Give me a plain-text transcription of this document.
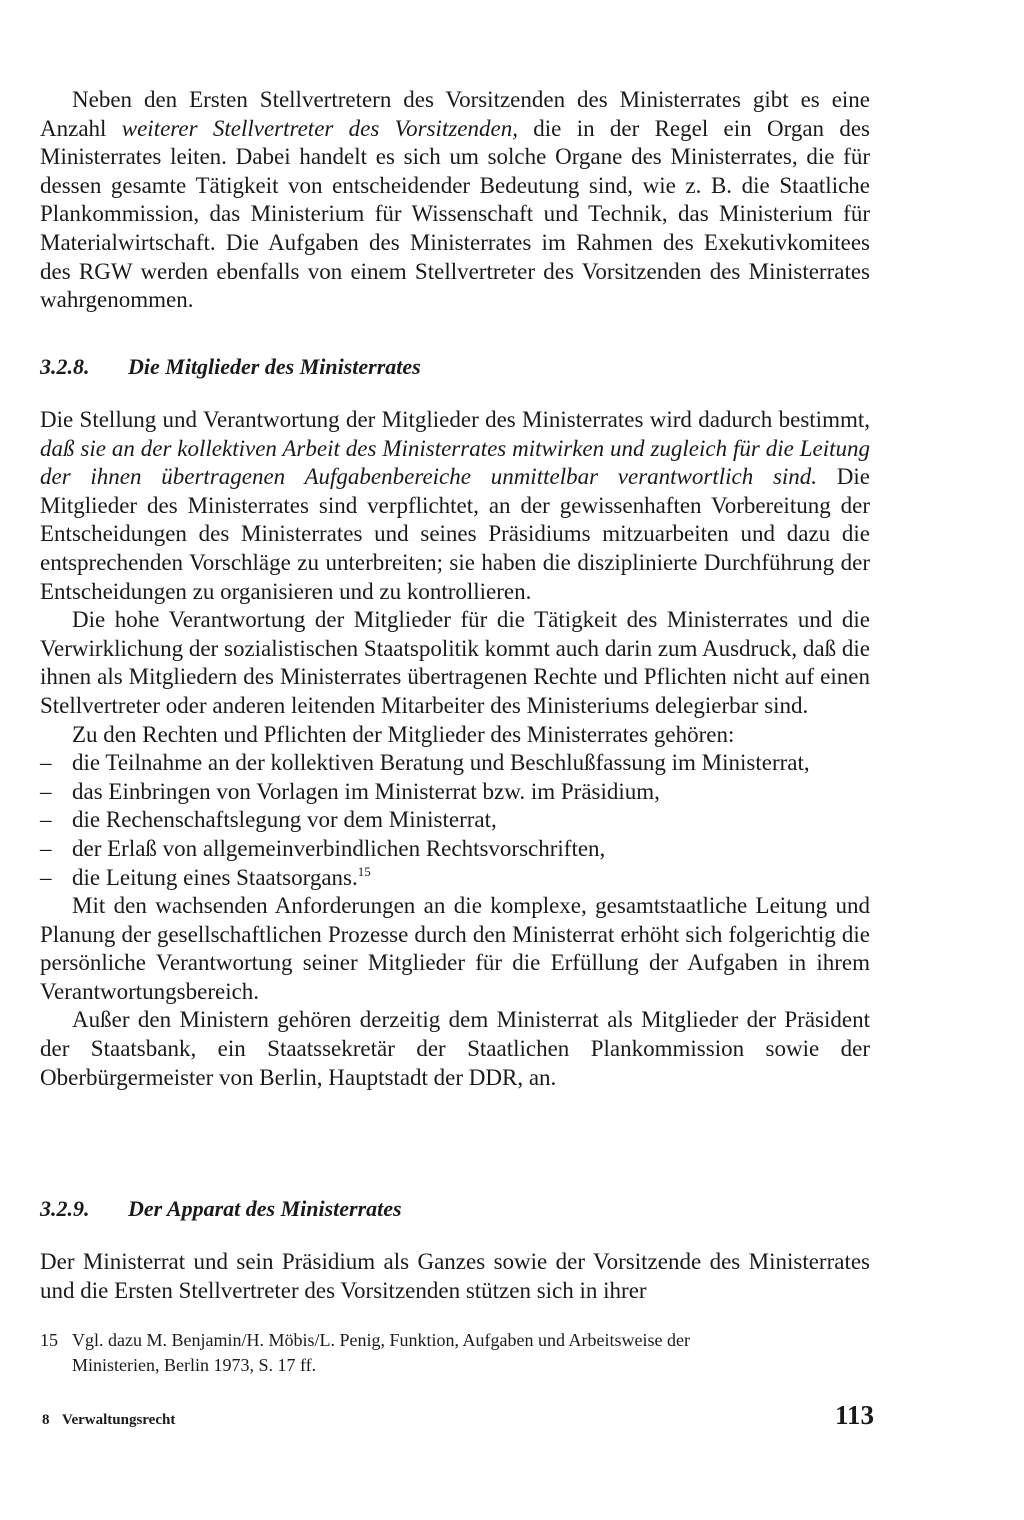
Neben den Ersten Stellvertretern des Vorsitzenden des Ministerrates gibt es eine Anzahl weiterer Stellvertreter des Vorsitzenden, die in der Regel ein Organ des Ministerrates leiten. Dabei handelt es sich um solche Organe des Ministerrates, die für dessen gesamte Tätigkeit von entscheidender Bedeutung sind, wie z. B. die Staatliche Plankommission, das Ministerium für Wissenschaft und Technik, das Ministerium für Materialwirtschaft. Die Aufgaben des Ministerrates im Rahmen des Exekutivkomitees des RGW werden ebenfalls von einem Stellvertreter des Vorsitzenden des Ministerrates wahrgenommen.

3.2.8. Die Mitglieder des Ministerrates

Die Stellung und Verantwortung der Mitglieder des Ministerrates wird dadurch bestimmt, daß sie an der kollektiven Arbeit des Ministerrates mitwirken und zugleich für die Leitung der ihnen übertragenen Aufgabenbereiche unmittelbar verantwortlich sind. Die Mitglieder des Ministerrates sind verpflichtet, an der gewissenhaften Vorbereitung der Entscheidungen des Ministerrates und seines Präsidiums mitzuarbeiten und dazu die entsprechenden Vorschläge zu unterbreiten; sie haben die disziplinierte Durchführung der Entscheidungen zu organisieren und zu kontrollieren.

Die hohe Verantwortung der Mitglieder für die Tätigkeit des Ministerrates und die Verwirklichung der sozialistischen Staatspolitik kommt auch darin zum Ausdruck, daß die ihnen als Mitgliedern des Ministerrates übertragenen Rechte und Pflichten nicht auf einen Stellvertreter oder anderen leitenden Mitarbeiter des Ministeriums delegierbar sind.

Zu den Rechten und Pflichten der Mitglieder des Ministerrates gehören:

– die Teilnahme an der kollektiven Beratung und Beschlußfassung im Ministerrat,
– das Einbringen von Vorlagen im Ministerrat bzw. im Präsidium,
– die Rechenschaftslegung vor dem Ministerrat,
– der Erlaß von allgemeinverbindlichen Rechtsvorschriften,
– die Leitung eines Staatsorgans.$^{15}$

Mit den wachsenden Anforderungen an die komplexe, gesamtstaatliche Leitung und Planung der gesellschaftlichen Prozesse durch den Ministerrat erhöht sich folgerichtig die persönliche Verantwortung seiner Mitglieder für die Erfüllung der Aufgaben in ihrem Verantwortungsbereich.

Außer den Ministern gehören derzeitig dem Ministerrat als Mitglieder der Präsident der Staatsbank, ein Staatssekretär der Staatlichen Plankommission sowie der Oberbürgermeister von Berlin, Hauptstadt der DDR, an.

3.2.9. Der Apparat des Ministerrates

Der Ministerrat und sein Präsidium als Ganzes sowie der Vorsitzende des Ministerrates und die Ersten Stellvertreter des Vorsitzenden stützen sich in ihrer

15 Vgl. dazu M. Benjamin/H. Möbis/L. Penig, Funktion, Aufgaben und Arbeitsweise der
Ministerien, Berlin 1973, S. 17 ff.
8 Verwaltungsrecht	113
